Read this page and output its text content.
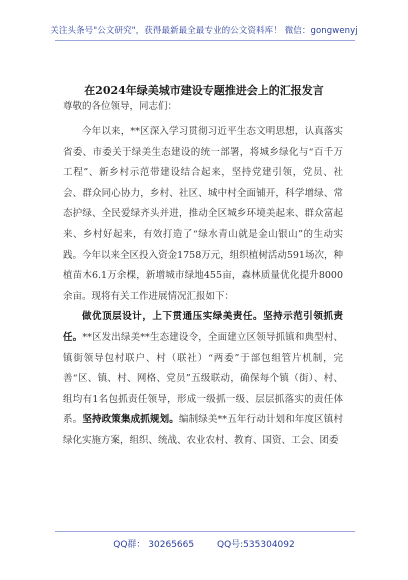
关注头条号"公文研究"，获得最新最全最专业的公文资料库！ 微信：gongwenyj
在2024年绿美城市建设专题推进会上的汇报发言
尊敬的各位领导，同志们：

今年以来，**区深入学习贯彻习近平生态文明思想，认真落实省委、市委关于绿美生态建设的统一部署，将城乡绿化与“百千万工程”、新乡村示范带建设结合起来，坚持党建引领，党员、社会、群众同心协力，乡村、社区、城中村全面铺开，科学增绿、常态护绿、全民爱绿齐头并进，推动全区城乡环境美起来、群众富起来、乡村好起来，有效打造了“绿水青山就是金山银山”的生动实践。今年以来全区投入资金1758万元，组织植树活动591场次，种植苗木6.1万余棵，新增城市绿地455亩，森林质量优化提升8000余亩。现将有关工作进展情况汇报如下：

做优顶层设计，上下贯通压实绿美责任。坚持示范引领抓责任。**区发出绿美**生态建设令，全面建立区领导抓镇和典型村、镇街领导包村联户、村（联社）“两委”于部包组管片机制，完善“区、镇、村、网格、党员”五级联动，确保每个镇（街）、村、组均有1名包抓责任领导，形成一级抓一级、层层抓落实的责任体系。坚持政策集成抓规划。编制绿美**五年行动计划和年度区镇村绿化实施方案，组织、统战、农业农村、教育、国资、工会、团委

QQ群： 30265665	QQ号:535304092
